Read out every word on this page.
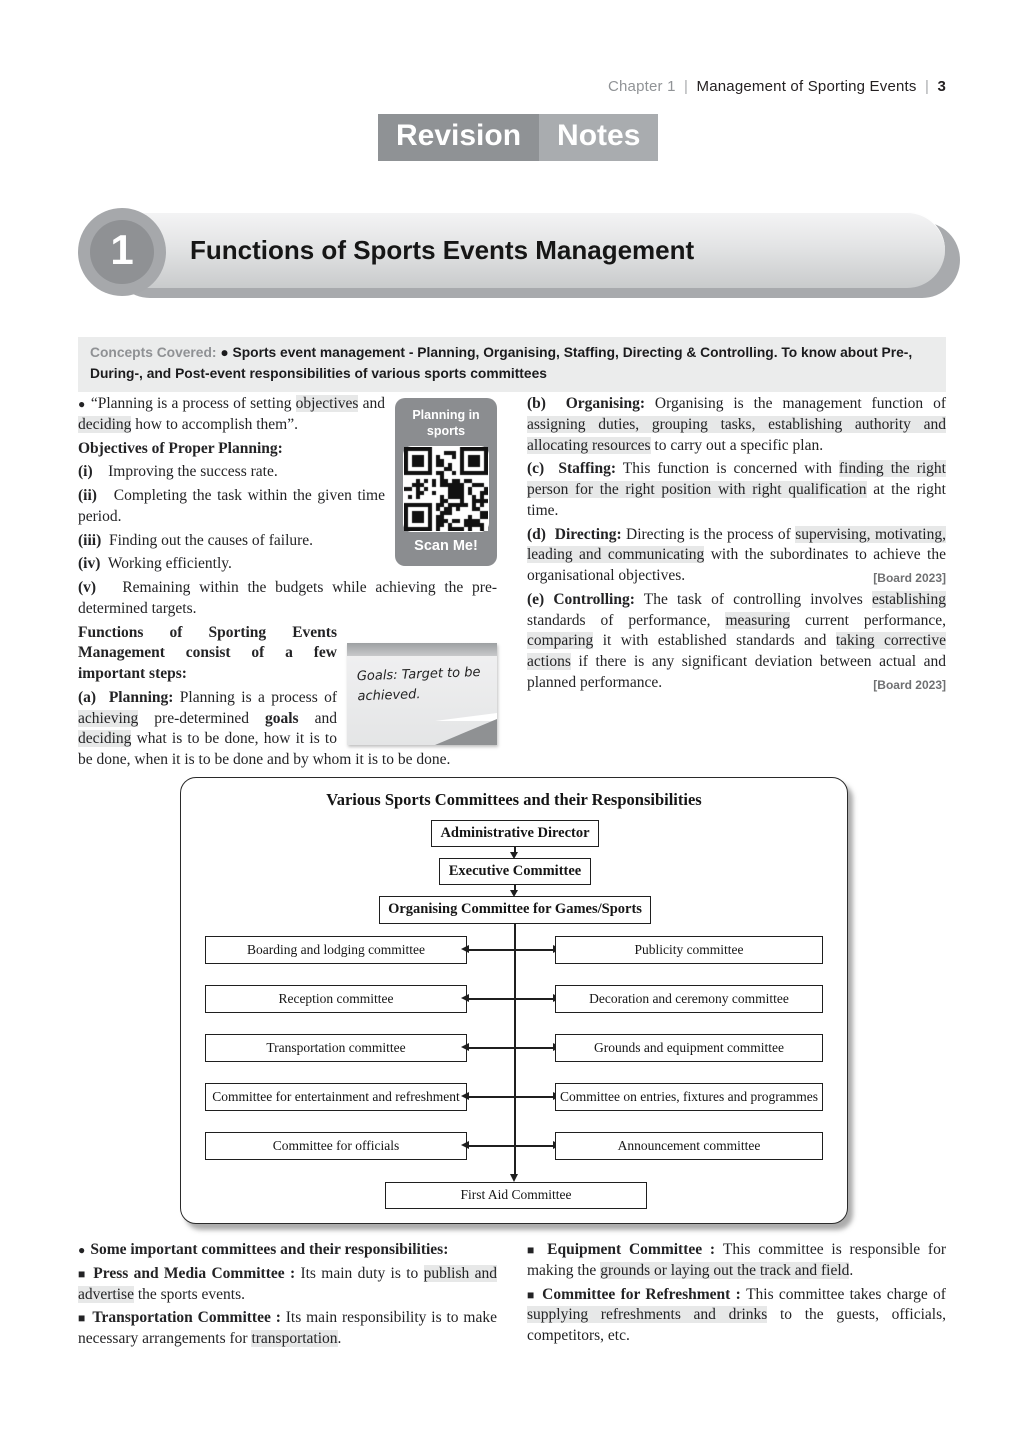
Chapter 1 | Management of Sporting Events | 3
Revision	Notes
1	Functions of Sports Events Management
Concepts Covered: ● Sports event management - Planning, Organising, Staffing, Directing & Controlling. To know about Pre-, During-, and Post-event responsibilities of various sports committees
Planning in sports
Scan Me!
● “Planning is a process of setting objectives and deciding how to accomplish them”.
Objectives of Proper Planning:
(i)    Improving the success rate.
(ii)   Completing the task within the given time period.
(iii)  Finding out the causes of failure.
(iv)  Working efficiently.
(v)   Remaining within the budgets while achieving the pre-determined targets.
Goals: Target to be achieved.
Functions of Sporting Events Management consist of a few important steps:
(a) Planning: Planning is a process of achieving pre-determined goals and deciding what is to be done, how it is to be done, when it is to be done and by whom it is to be done.
(b) Organising: Organising is the management function of assigning duties, grouping tasks, establishing authority and allocating resources to carry out a specific plan.
(c) Staffing: This function is concerned with finding the right person for the right position with right qualification at the right time.
(d) Directing: Directing is the process of supervising, motivating, leading and communicating with the subordinates to achieve the organisational objectives.	[Board 2023]
(e) Controlling: The task of controlling involves establishing standards of performance, measuring current performance, comparing it with established standards and taking corrective actions if there is any significant deviation between actual and planned performance.	[Board 2023]
Various Sports Committees and their Responsibilities
Administrative Director
Executive Committee
Organising Committee for Games/Sports
Boarding and lodging committee	Publicity committee
Reception committee	Decoration and ceremony committee
Transportation committee	Grounds and equipment committee
Committee for entertainment and refreshment	Committee on entries, fixtures and programmes
Committee for officials	Announcement committee
First Aid Committee
● Some important committees and their responsibilities:
■ Press and Media Committee : Its main duty is to publish and advertise the sports events.
■ Transportation Committee : Its main responsibility is to make necessary arrangements for transportation.
■ Equipment Committee : This committee is responsible for making the grounds or laying out the track and field.
■ Committee for Refreshment : This committee takes charge of supplying refreshments and drinks to the guests, officials, competitors, etc.
